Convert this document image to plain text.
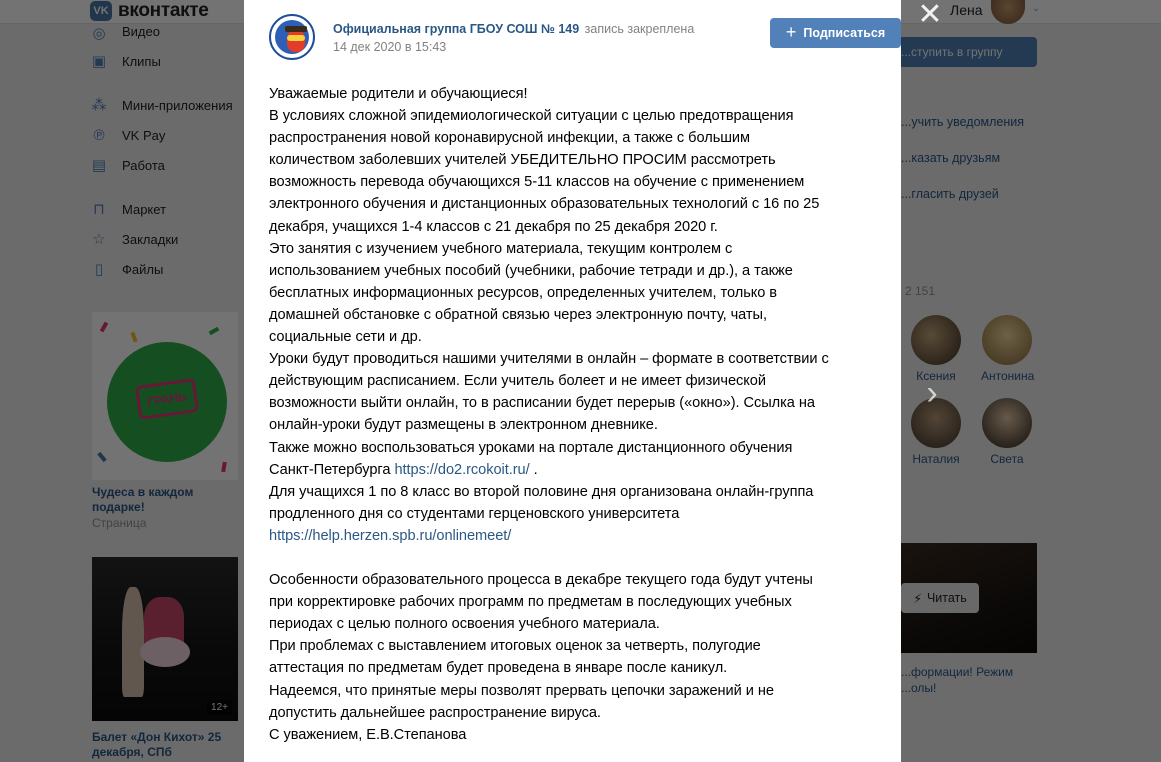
✕
›
Официальная группа ГБОУ СОШ № 149 запись закреплена
14 дек 2020 в 15:43
+ Подписаться
Уважаемые родители и обучающиеся!
В условиях сложной эпидемиологической ситуации с целью предотвращения
распространения новой коронавирусной инфекции, а также с большим
количеством заболевших учителей УБЕДИТЕЛЬНО ПРОСИМ рассмотреть
возможность перевода обучающихся 5-11 классов на обучение с применением
электронного обучения и дистанционных образовательных технологий с 16 по 25
декабря, учащихся 1-4 классов с 21 декабря по 25 декабря 2020 г.
Это занятия с изучением учебного материала, текущим контролем с
использованием учебных пособий (учебники, рабочие тетради и др.), а также
бесплатных информационных ресурсов, определенных учителем, только в
домашней обстановке с обратной связью через электронную почту, чаты,
социальные сети и др.
Уроки будут проводиться нашими учителями в онлайн – формате в соответствии с
действующим расписанием. Если учитель болеет и не имеет физической
возможности выйти онлайн, то в расписании будет перерыв («окно»). Ссылка на
онлайн-уроки будут размещены в электронном дневнике.
Также можно воспользоваться уроками на портале дистанционного обучения
Санкт-Петербурга https://do2.rcokoit.ru/ .
Для учащихся 1 по 8 класс во второй половине дня организована онлайн-группа
продленного дня со студентами герценовского университета
https://help.herzen.spb.ru/onlinemeet/
Особенности образовательного процесса в декабре текущего года будут учтены
при корректировке рабочих программ по предметам в последующих учебных
периодах с целью полного освоения учебного материала.
При проблемах с выставлением итоговых оценок за четверть, полугодие
аттестация по предметам будет проведена в январе после каникул.
Надеемся, что принятые меры позволят прервать цепочки заражений и не
допустить дальнейшее распространение вируса.
С уважением, Е.В.Степанова
